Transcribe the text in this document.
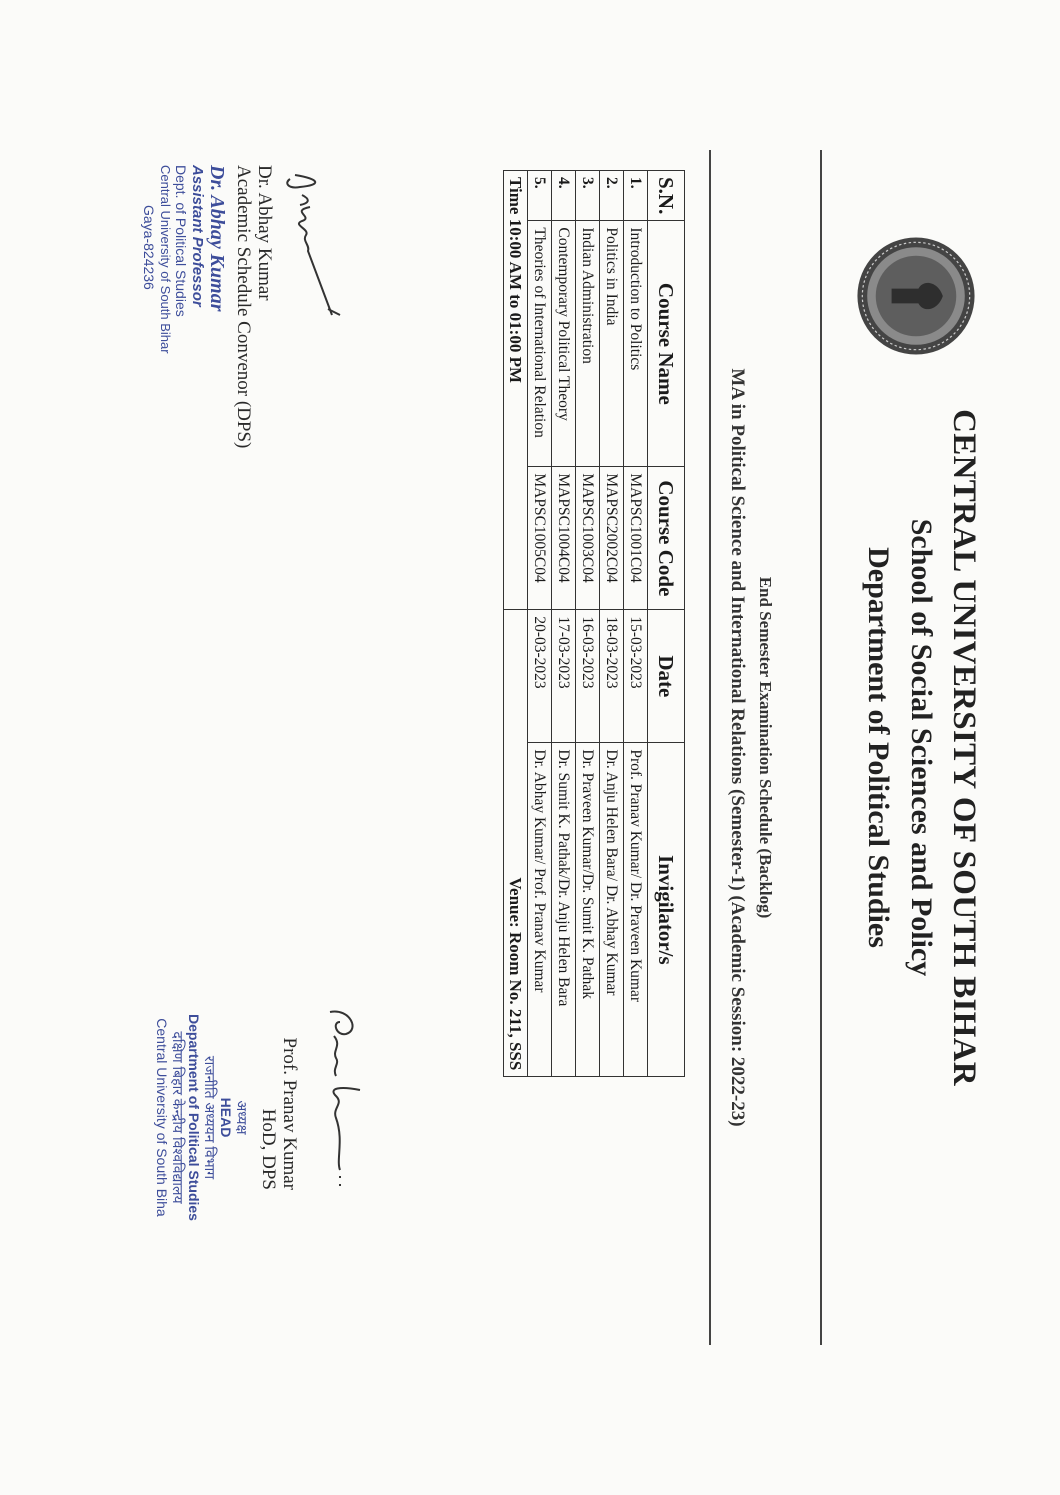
CENTRAL UNIVERSITY OF SOUTH BIHAR
School of Social Sciences and Policy
Department of Political Studies
End Semester Examination Schedule (Backlog)
MA in Political Science and International Relations (Semester-1) (Academic Session: 2022-23)
S.N.	Course Name	Course Code	Date	Invigilator/s
1.	Introduction to Politics	MAPSC1001C04	15-03-2023	Prof. Pranav Kumar/ Dr. Praveen Kumar
2.	Politics in India	MAPSC2002C04	18-03-2023	Dr. Anju Helen Bara/ Dr. Abhay Kumar
3.	Indian Administration	MAPSC1003C04	16-03-2023	Dr. Praveen Kumar/Dr. Sumit K. Pathak
4.	Contemporary Political Theory	MAPSC1004C04	17-03-2023	Dr. Sumit K. Pathak/Dr. Anju Helen Bara
5.	Theories of International Relation	MAPSC1005C04	20-03-2023	Dr. Abhay Kumar/ Prof. Pranav Kumar
Time 10:00 AM to 01:00 PM			Venue: Room No. 211, SSS	
Dr. Abhay Kumar
Academic Schedule Convenor (DPS)
Dr. Abhay Kumar
Assistant Professor
Dept. of Political Studies
Central University of South Bihar
Gaya-824236
Prof. Pranav Kumar
HoD, DPS
अध्यक्ष
HEAD
राजनीति अध्ययन विभाग
Department of Political Studies
दक्षिण बिहार केन्द्रीय विश्वविद्यालय
Central University of South Biha
